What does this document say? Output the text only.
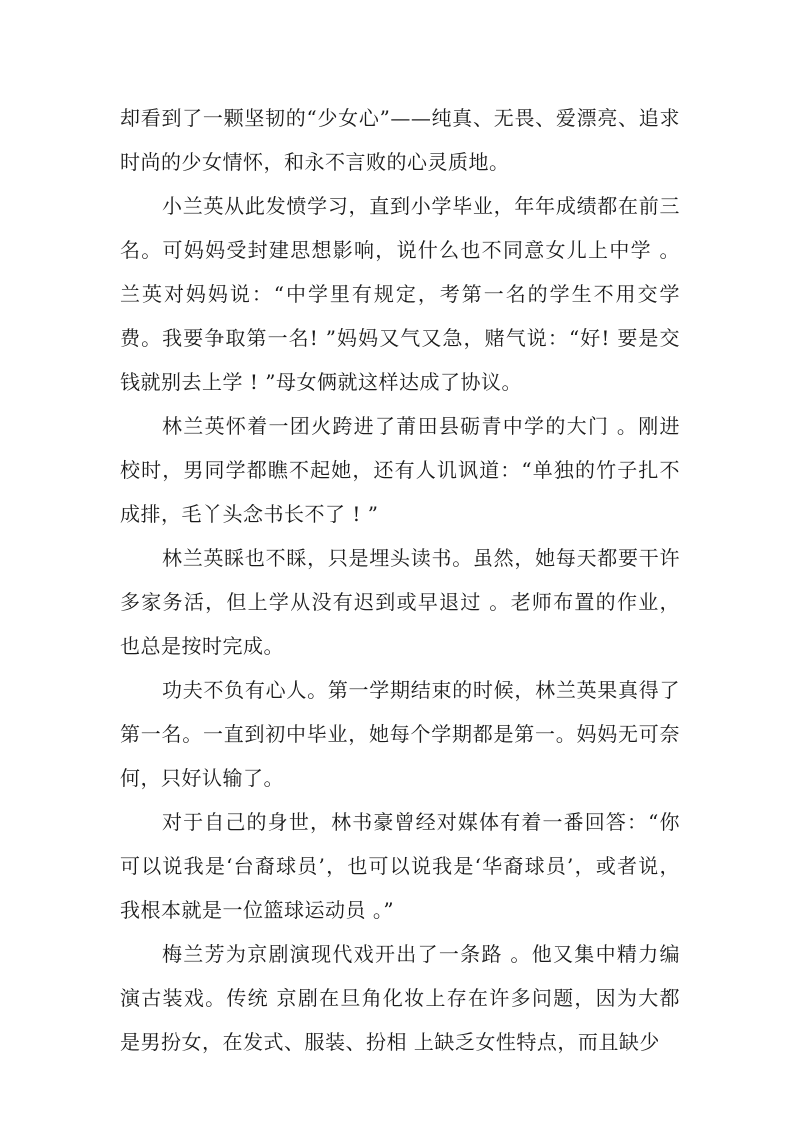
却看到了一颗坚韧的“少女心”——纯真、无畏、爱漂亮、追求时尚的少女情怀，和永不言败的心灵质地。

小兰英从此发愤学习，直到小学毕业，年年成绩都在前三名。可妈妈受封建思想影响，说什么也不同意女儿上中学 。兰英对妈妈说：“中学里有规定，考第一名的学生不用交学费。我要争取第一名! ”妈妈又气又急，赌气说：“好! 要是交钱就别去上学 ! ”母女俩就这样达成了协议。

林兰英怀着一团火跨进了莆田县砺青中学的大门 。刚进校时，男同学都瞧不起她，还有人讥讽道：“单独的竹子扎不成排，毛丫头念书长不了 ! ”

林兰英睬也不睬，只是埋头读书。虽然，她每天都要干许多家务活，但上学从没有迟到或早退过 。老师布置的作业，也总是按时完成。

功夫不负有心人。第一学期结束的时候，林兰英果真得了第一名。一直到初中毕业，她每个学期都是第一。妈妈无可奈何，只好认输了。

对于自己的身世，林书豪曾经对媒体有着一番回答：“你可以说我是‘台裔球员’，也可以说我是‘华裔球员’，或者说，我根本就是一位篮球运动员 。”

梅兰芳为京剧演现代戏开出了一条路 。他又集中精力编演古装戏。传统 京剧在旦角化妆上存在许多问题，因为大都是男扮女，在发式、服装、扮相 上缺乏女性特点，而且缺少
